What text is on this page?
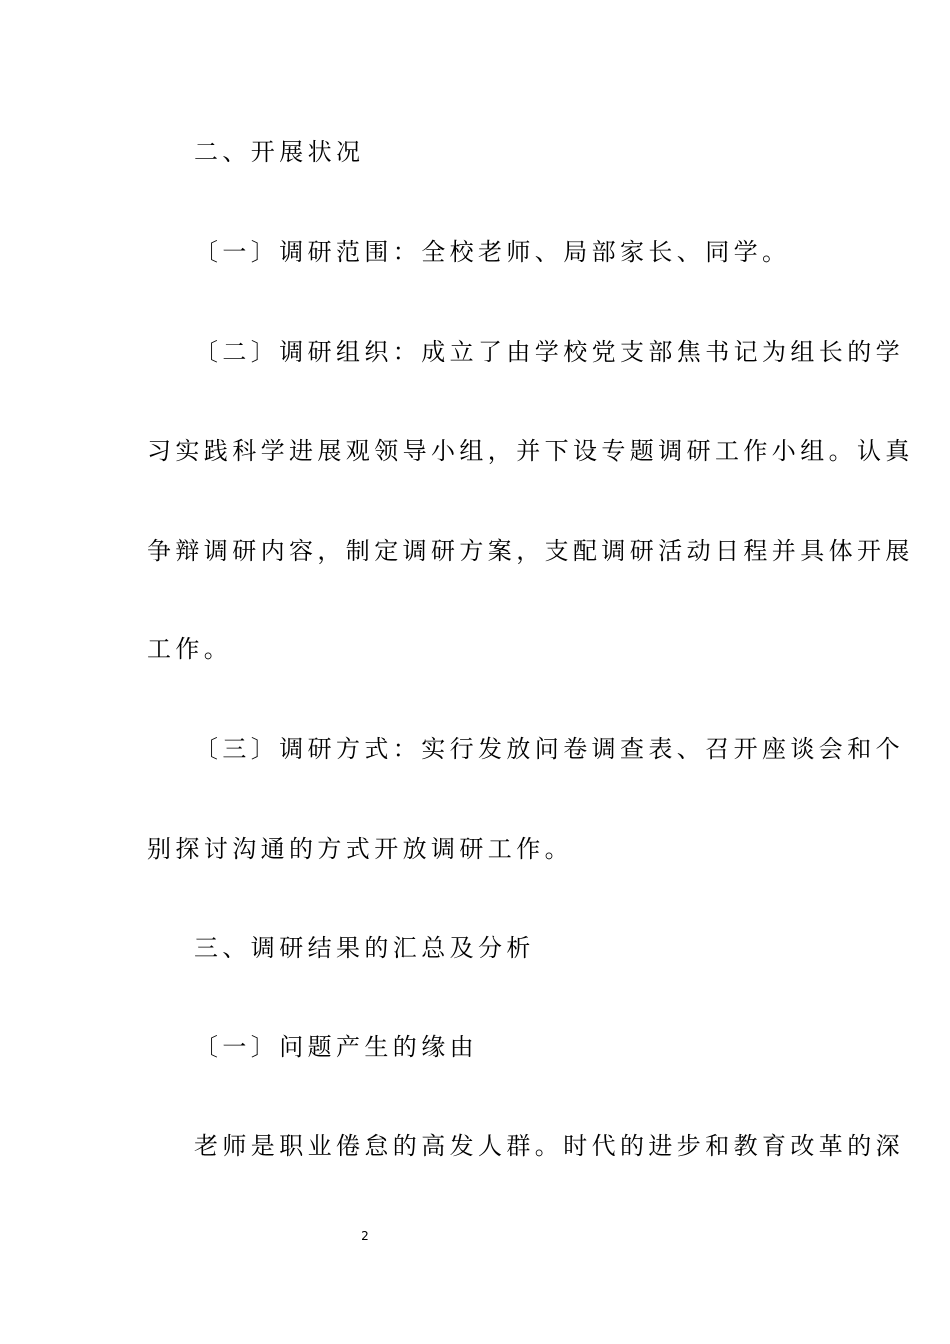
二、开展状况
〔一〕调研范围：全校老师、局部家长、同学。
〔二〕调研组织：成立了由学校党支部焦书记为组长的学
习实践科学进展观领导小组，并下设专题调研工作小组。认真
争辩调研内容，制定调研方案，支配调研活动日程并具体开展
工作。
〔三〕调研方式：实行发放问卷调查表、召开座谈会和个
别探讨沟通的方式开放调研工作。
三、调研结果的汇总及分析
〔一〕问题产生的缘由
老师是职业倦怠的高发人群。时代的进步和教育改革的深
2
